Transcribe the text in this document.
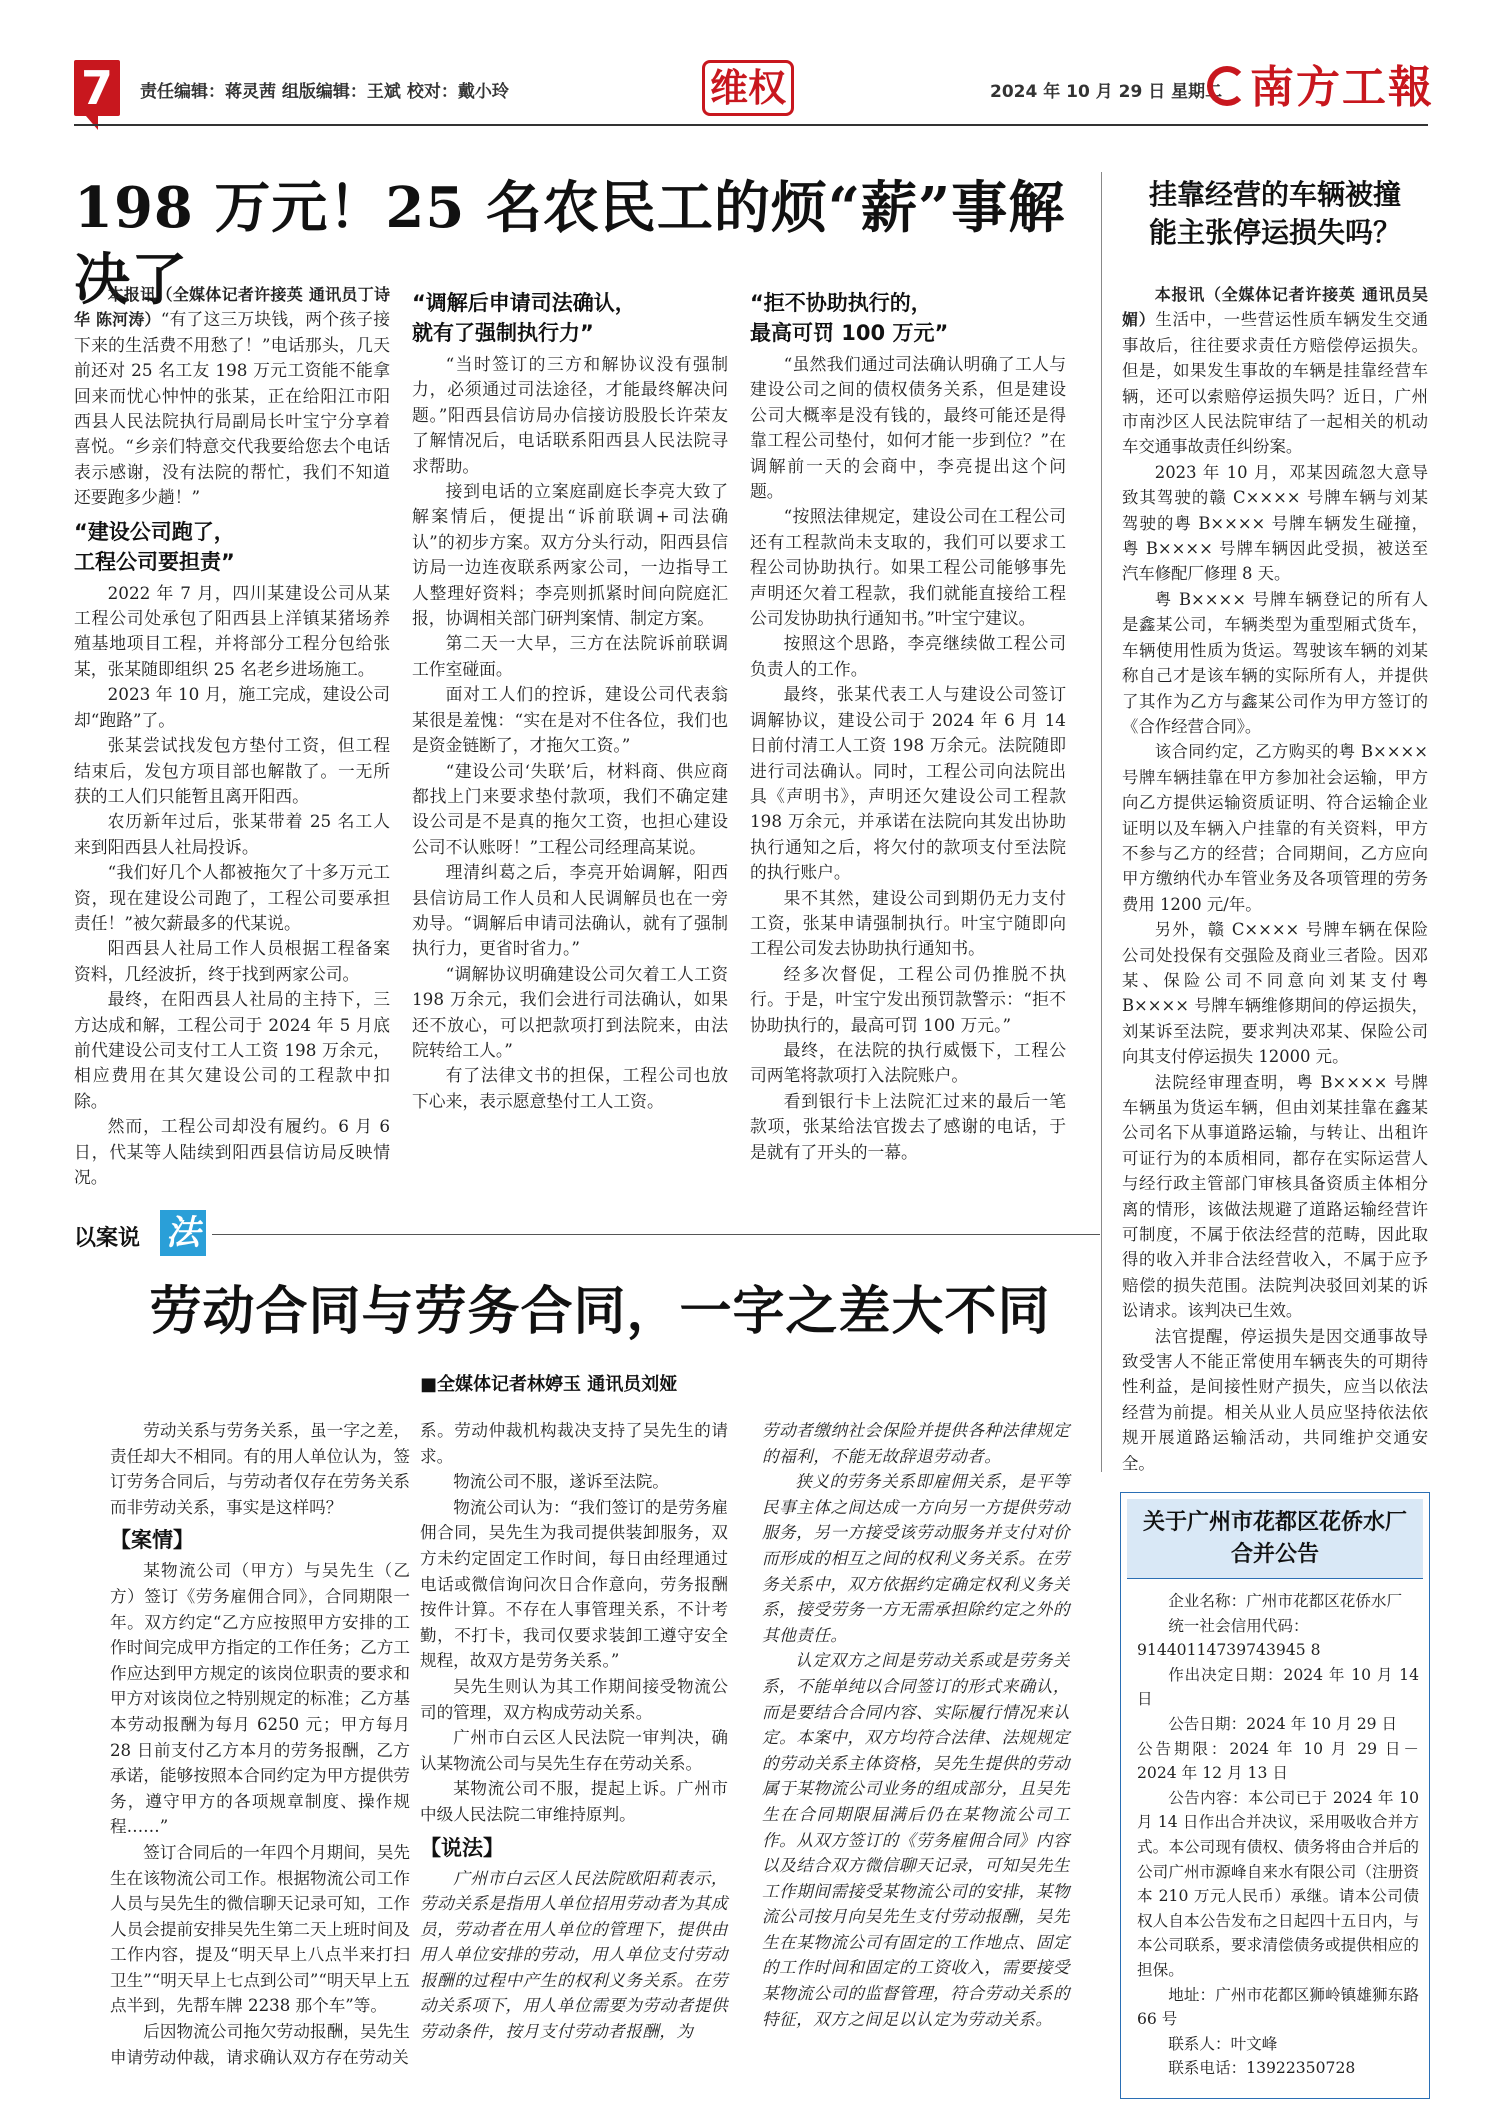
7	责任编辑：蒋灵茜 组版编辑：王斌 校对：戴小玲	维权	2024 年 10 月 29 日 星期二 南方工報
198 万元！25 名农民工的烦“薪”事解决了
挂靠经营的车辆被撞
能主张停运损失吗？

本报讯（全媒体记者许接英 通讯员丁诗华 陈河涛）“有了这三万块钱，两个孩子接下来的生活费不用愁了！”电话那头，几天前还对 25 名工友 198 万元工资能不能拿回来而忧心忡忡的张某，正在给阳江市阳西县人民法院执行局副局长叶宝宁分享着喜悦。“乡亲们特意交代我要给您去个电话表示感谢，没有法院的帮忙，我们不知道还要跑多少趟！”

“建设公司跑了，
工程公司要担责”

2022 年 7 月，四川某建设公司从某工程公司处承包了阳西县上洋镇某猪场养殖基地项目工程，并将部分工程分包给张某，张某随即组织 25 名老乡进场施工。

2023 年 10 月，施工完成，建设公司却“跑路”了。

张某尝试找发包方垫付工资，但工程结束后，发包方项目部也解散了。一无所获的工人们只能暂且离开阳西。

农历新年过后，张某带着 25 名工人来到阳西县人社局投诉。

“我们好几个人都被拖欠了十多万元工资，现在建设公司跑了，工程公司要承担责任！”被欠薪最多的代某说。

阳西县人社局工作人员根据工程备案资料，几经波折，终于找到两家公司。

最终，在阳西县人社局的主持下，三方达成和解，工程公司于 2024 年 5 月底前代建设公司支付工人工资 198 万余元，相应费用在其欠建设公司的工程款中扣除。

然而，工程公司却没有履约。6 月 6 日，代某等人陆续到阳西县信访局反映情况。

“调解后申请司法确认，
就有了强制执行力”

“当时签订的三方和解协议没有强制力，必须通过司法途径，才能最终解决问题。”阳西县信访局办信接访股股长许荣友了解情况后，电话联系阳西县人民法院寻求帮助。

接到电话的立案庭副庭长李亮大致了解案情后，便提出“诉前联调+司法确认”的初步方案。双方分头行动，阳西县信访局一边连夜联系两家公司，一边指导工人整理好资料；李亮则抓紧时间向院庭汇报，协调相关部门研判案情、制定方案。

第二天一大早，三方在法院诉前联调工作室碰面。

面对工人们的控诉，建设公司代表翁某很是羞愧：“实在是对不住各位，我们也是资金链断了，才拖欠工资。”

“建设公司‘失联’后，材料商、供应商都找上门来要求垫付款项，我们不确定建设公司是不是真的拖欠工资，也担心建设公司不认账呀！”工程公司经理高某说。

理清纠葛之后，李亮开始调解，阳西县信访局工作人员和人民调解员也在一旁劝导。“调解后申请司法确认，就有了强制执行力，更省时省力。”

“调解协议明确建设公司欠着工人工资 198 万余元，我们会进行司法确认，如果还不放心，可以把款项打到法院来，由法院转给工人。”

有了法律文书的担保，工程公司也放下心来，表示愿意垫付工人工资。

“拒不协助执行的，
最高可罚 100 万元”

“虽然我们通过司法确认明确了工人与建设公司之间的债权债务关系，但是建设公司大概率是没有钱的，最终可能还是得靠工程公司垫付，如何才能一步到位？”在调解前一天的会商中，李亮提出这个问题。

“按照法律规定，建设公司在工程公司还有工程款尚未支取的，我们可以要求工程公司协助执行。如果工程公司能够事先声明还欠着工程款，我们就能直接给工程公司发协助执行通知书。”叶宝宁建议。

按照这个思路，李亮继续做工程公司负责人的工作。

最终，张某代表工人与建设公司签订调解协议，建设公司于 2024 年 6 月 14 日前付清工人工资 198 万余元。法院随即进行司法确认。同时，工程公司向法院出具《声明书》，声明还欠建设公司工程款 198 万余元，并承诺在法院向其发出协助执行通知之后，将欠付的款项支付至法院的执行账户。

果不其然，建设公司到期仍无力支付工资，张某申请强制执行。叶宝宁随即向工程公司发去协助执行通知书。

经多次督促，工程公司仍推脱不执行。于是，叶宝宁发出预罚款警示：“拒不协助执行的，最高可罚 100 万元。”

最终，在法院的执行威慑下，工程公司两笔将款项打入法院账户。

看到银行卡上法院汇过来的最后一笔款项，张某给法官拨去了感谢的电话，于是就有了开头的一幕。

本报讯（全媒体记者许接英 通讯员吴媚）生活中，一些营运性质车辆发生交通事故后，往往要求责任方赔偿停运损失。但是，如果发生事故的车辆是挂靠经营车辆，还可以索赔停运损失吗？近日，广州市南沙区人民法院审结了一起相关的机动车交通事故责任纠纷案。

2023 年 10 月，邓某因疏忽大意导致其驾驶的赣 C×××× 号牌车辆与刘某驾驶的粤 B×××× 号牌车辆发生碰撞，粤 B×××× 号牌车辆因此受损，被送至汽车修配厂修理 8 天。

粤 B×××× 号牌车辆登记的所有人是鑫某公司，车辆类型为重型厢式货车，车辆使用性质为货运。驾驶该车辆的刘某称自己才是该车辆的实际所有人，并提供了其作为乙方与鑫某公司作为甲方签订的《合作经营合同》。

该合同约定，乙方购买的粤 B×××× 号牌车辆挂靠在甲方参加社会运输，甲方向乙方提供运输资质证明、符合运输企业证明以及车辆入户挂靠的有关资料，甲方不参与乙方的经营；合同期间，乙方应向甲方缴纳代办车管业务及各项管理的劳务费用 1200 元/年。

另外，赣 C×××× 号牌车辆在保险公司处投保有交强险及商业三者险。因邓某、保险公司不同意向刘某支付粤 B×××× 号牌车辆维修期间的停运损失，刘某诉至法院，要求判决邓某、保险公司向其支付停运损失 12000 元。

法院经审理查明，粤 B×××× 号牌车辆虽为货运车辆，但由刘某挂靠在鑫某公司名下从事道路运输，与转让、出租许可证行为的本质相同，都存在实际运营人与经行政主管部门审核具备资质主体相分离的情形，该做法规避了道路运输经营许可制度，不属于依法经营的范畴，因此取得的收入并非合法经营收入，不属于应予赔偿的损失范围。法院判决驳回刘某的诉讼请求。该判决已生效。

法官提醒，停运损失是因交通事故导致受害人不能正常使用车辆丧失的可期待性利益，是间接性财产损失，应当以依法经营为前提。相关从业人员应坚持依法依规开展道路运输活动，共同维护交通安全。

以案说 法
劳动合同与劳务合同，一字之差大不同
■全媒体记者林婷玉 通讯员刘娅

劳动关系与劳务关系，虽一字之差，责任却大不相同。有的用人单位认为，签订劳务合同后，与劳动者仅存在劳务关系而非劳动关系，事实是这样吗？

【案情】

某物流公司（甲方）与吴先生（乙方）签订《劳务雇佣合同》，合同期限一年。双方约定“乙方应按照甲方安排的工作时间完成甲方指定的工作任务；乙方工作应达到甲方规定的该岗位职责的要求和甲方对该岗位之特别规定的标准；乙方基本劳动报酬为每月 6250 元；甲方每月 28 日前支付乙方本月的劳务报酬，乙方承诺，能够按照本合同约定为甲方提供劳务，遵守甲方的各项规章制度、操作规程……”

签订合同后的一年四个月期间，吴先生在该物流公司工作。根据物流公司工作人员与吴先生的微信聊天记录可知，工作人员会提前安排吴先生第二天上班时间及工作内容，提及“明天早上八点半来打扫卫生”“明天早上七点到公司”“明天早上五点半到，先帮车牌 2238 那个车”等。

后因物流公司拖欠劳动报酬，吴先生申请劳动仲裁，请求确认双方存在劳动关

系。劳动仲裁机构裁决支持了吴先生的请求。

物流公司不服，遂诉至法院。

物流公司认为：“我们签订的是劳务雇佣合同，吴先生为我司提供装卸服务，双方未约定固定工作时间，每日由经理通过电话或微信询问次日合作意向，劳务报酬按件计算。不存在人事管理关系，不计考勤，不打卡，我司仅要求装卸工遵守安全规程，故双方是劳务关系。”

吴先生则认为其工作期间接受物流公司的管理，双方构成劳动关系。

广州市白云区人民法院一审判决，确认某物流公司与吴先生存在劳动关系。

某物流公司不服，提起上诉。广州市中级人民法院二审维持原判。

【说法】

广州市白云区人民法院欧阳莉表示，劳动关系是指用人单位招用劳动者为其成员，劳动者在用人单位的管理下，提供由用人单位安排的劳动，用人单位支付劳动报酬的过程中产生的权利义务关系。在劳动关系项下，用人单位需要为劳动者提供劳动条件，按月支付劳动者报酬，为

劳动者缴纳社会保险并提供各种法律规定的福利，不能无故辞退劳动者。

狭义的劳务关系即雇佣关系，是平等民事主体之间达成一方向另一方提供劳动服务，另一方接受该劳动服务并支付对价而形成的相互之间的权利义务关系。在劳务关系中，双方依据约定确定权利义务关系，接受劳务一方无需承担除约定之外的其他责任。

认定双方之间是劳动关系或是劳务关系，不能单纯以合同签订的形式来确认，而是要结合合同内容、实际履行情况来认定。本案中，双方均符合法律、法规规定的劳动关系主体资格，吴先生提供的劳动属于某物流公司业务的组成部分，且吴先生在合同期限届满后仍在某物流公司工作。从双方签订的《劳务雇佣合同》内容以及结合双方微信聊天记录，可知吴先生工作期间需接受某物流公司的安排，某物流公司按月向吴先生支付劳动报酬，吴先生在某物流公司有固定的工作地点、固定的工作时间和固定的工资收入，需要接受某物流公司的监督管理，符合劳动关系的特征，双方之间足以认定为劳动关系。

关于广州市花都区花侨水厂
合并公告

企业名称：广州市花都区花侨水厂

统一社会信用代码：

91440114739743945 8

作出决定日期：2024 年 10 月 14 日

公告日期：2024 年 10 月 29 日

公告期限：2024 年 10 月 29 日－2024 年 12 月 13 日

公告内容：本公司已于 2024 年 10 月 14 日作出合并决议，采用吸收合并方式。本公司现有债权、债务将由合并后的公司广州市源峰自来水有限公司（注册资本 210 万元人民币）承继。请本公司债权人自本公告发布之日起四十五日内，与本公司联系，要求清偿债务或提供相应的担保。

地址：广州市花都区狮岭镇雄狮东路 66 号

联系人：叶文峰

联系电话：13922350728
